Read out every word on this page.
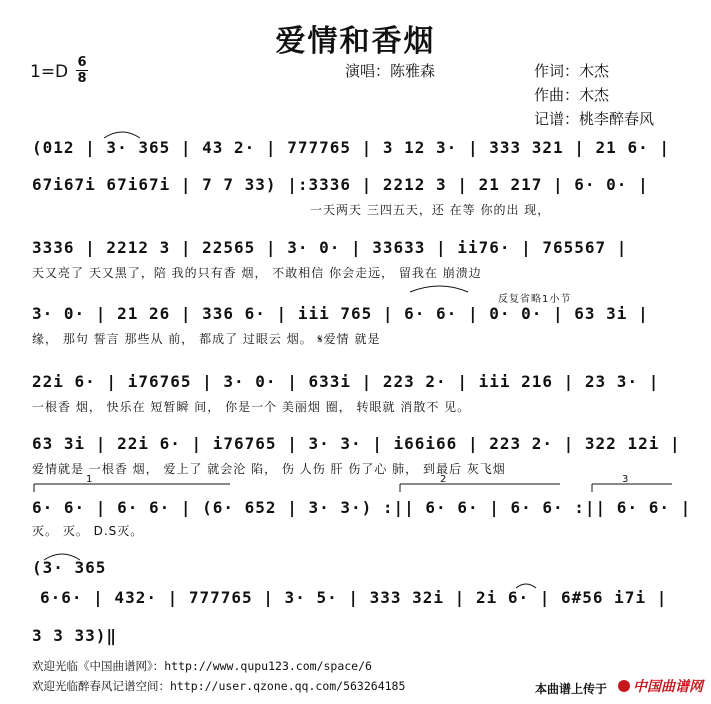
爱情和香烟
1=D 6
8	演唱：陈雅森	作词：木杰
作曲：木杰
记谱：桃李醉春风
反复省略1小节
(012 | 3· 365 | 43 2· | 777765 | 3 12 3· | 333 321 | 21 6· |
67i67i 67i67i | 7 7 33) |:3336 | 2212 3 | 21 217 | 6· 0· |
一天两天 三四五天，还 在等 你的出 现，
3336 | 2212 3 | 22565 | 3· 0· | 33633 | ii76· | 765567 |
天又亮了 天又黑了，陪 我的只有香 烟， 不敢相信 你会走远， 留我在 崩溃边
3· 0· | 21 26 | 336 6· | iii 765 | 6· 6· | 0· 0· | 63 3i |
缘， 那句 誓言 那些从 前， 都成了 过眼云 烟。 𝄋爱情 就是
22i 6· | i76765 | 3· 0· | 633i | 223 2· | iii 216 | 23 3· |
一根香 烟， 快乐在 短暂瞬 间， 你是一个 美丽烟 圈， 转眼就 消散不 见。
63 3i | 22i 6· | i76765 | 3· 3· | i66i66 | 223 2· | 322 12i |
爱情就是 一根香 烟， 爱上了 就会沦 陷， 伤 人伤 肝 伤了心 肺， 到最后 灰飞烟
6· 6· | 6· 6· | (6· 652 | 3· 3·) :|| 6· 6· | 6· 6· :|| 6· 6· |
灭。 灭。 D.S灭。
(3· 365
6·6· | 432· | 777765 | 3· 5· | 333 32i | 2i 6· | 6#56 i7i |
3 3 33)‖
1	2	3
欢迎光临《中国曲谱网》：http://www.qupu123.com/space/6
欢迎光临醉春风记谱空间：http://user.qzone.qq.com/563264185	本曲谱上传于	中国曲谱网
